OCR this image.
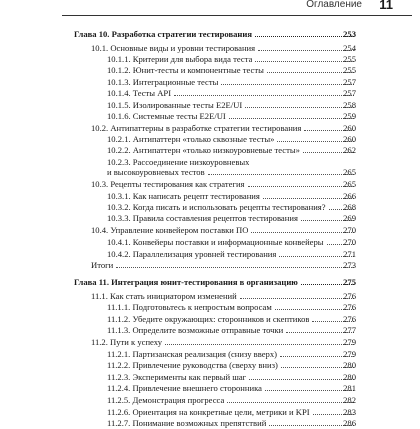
Оглавление 11
Глава 10. Разработка стратегии тестирования	253
10.1. Основные виды и уровни тестирования	254
10.1.1. Критерии для выбора вида теста	255
10.1.2. Юнит-тесты и компонентные тесты	255
10.1.3. Интеграционные тесты	257
10.1.4. Тесты API	257
10.1.5. Изолированные тесты E2E/UI	258
10.1.6. Системные тесты E2E/UI	259
10.2. Антипаттерны в разработке стратегии тестирования	260
10.2.1. Антипаттерн «только сквозные тесты»	260
10.2.2. Антипаттерн «только низкоуровневые тесты»	262
10.2.3. Рассоединение низкоуровневых
и высокоуровневых тестов	265
10.3. Рецепты тестирования как стратегия	265
10.3.1. Как написать рецепт тестирования	266
10.3.2. Когда писать и использовать рецепты тестирования? 268
10.3.3. Правила составления рецептов тестирования	269
10.4. Управление конвейером поставки ПО	270
10.4.1. Конвейеры поставки и информационные конвейеры 270
10.4.2. Параллелизация уровней тестирования	271
Итоги	273
Глава 11. Интеграция юнит-тестирования в организацию	275
11.1. Как стать инициатором изменений	276
11.1.1. Подготовьтесь к непростым вопросам	276
11.1.2. Убедите окружающих: сторонников и скептиков	276
11.1.3. Определите возможные отправные точки	277
11.2. Пути к успеху	279
11.2.1. Партизанская реализация (снизу вверх)	279
11.2.2. Привлечение руководства (сверху вниз)	280
11.2.3. Эксперименты как первый шаг	280
11.2.4. Привлечение внешнего сторонника	281
11.2.5. Демонстрация прогресса	282
11.2.6. Ориентация на конкретные цели, метрики и KPI	283
11.2.7. Понимание возможных препятствий	286
